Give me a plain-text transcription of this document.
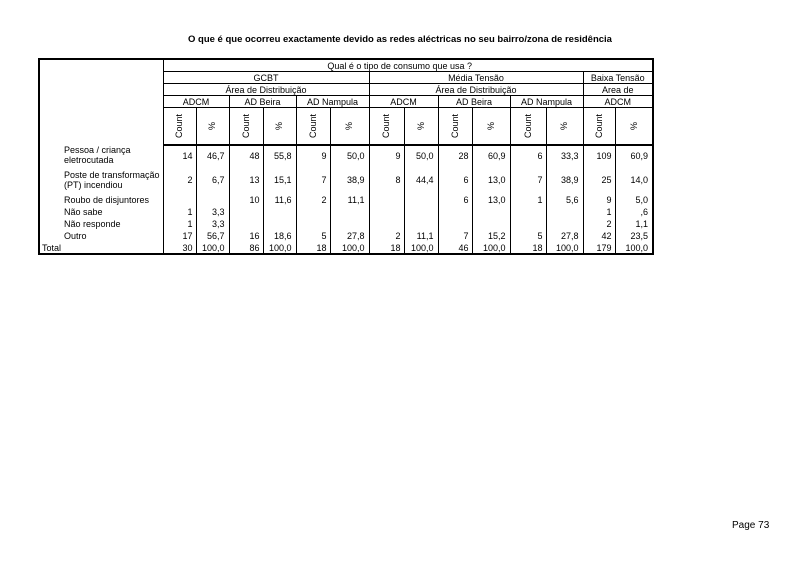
O que é que ocorreu exactamente devido as redes aléctricas no seu bairro/zona de residência
	Qual é o tipo de consumo que usa ?													
	GCBT						Média Tensão						Baixa Tensão	
	Área de Distribuição						Área de Distribuição						Area de	
	ADCM		AD Beira		AD Nampula		ADCM		AD Beira		AD Nampula		ADCM	
	Count	%	Count	%	Count	%	Count	%	Count	%	Count	%	Count	%
Pessoa / criança eletrocutada	14	46,7	48	55,8	9	50,0	9	50,0	28	60,9	6	33,3	109	60,9
Poste de transformação (PT) incendiou	2	6,7	13	15,1	7	38,9	8	44,4	6	13,0	7	38,9	25	14,0
Roubo de disjuntores			10	11,6	2	11,1			6	13,0	1	5,6	9	5,0
Não sabe	1	3,3											1	,6
Não responde	1	3,3											2	1,1
Outro	17	56,7	16	18,6	5	27,8	2	11,1	7	15,2	5	27,8	42	23,5
Total	30	100,0	86	100,0	18	100,0	18	100,0	46	100,0	18	100,0	179	100,0
Page 73
